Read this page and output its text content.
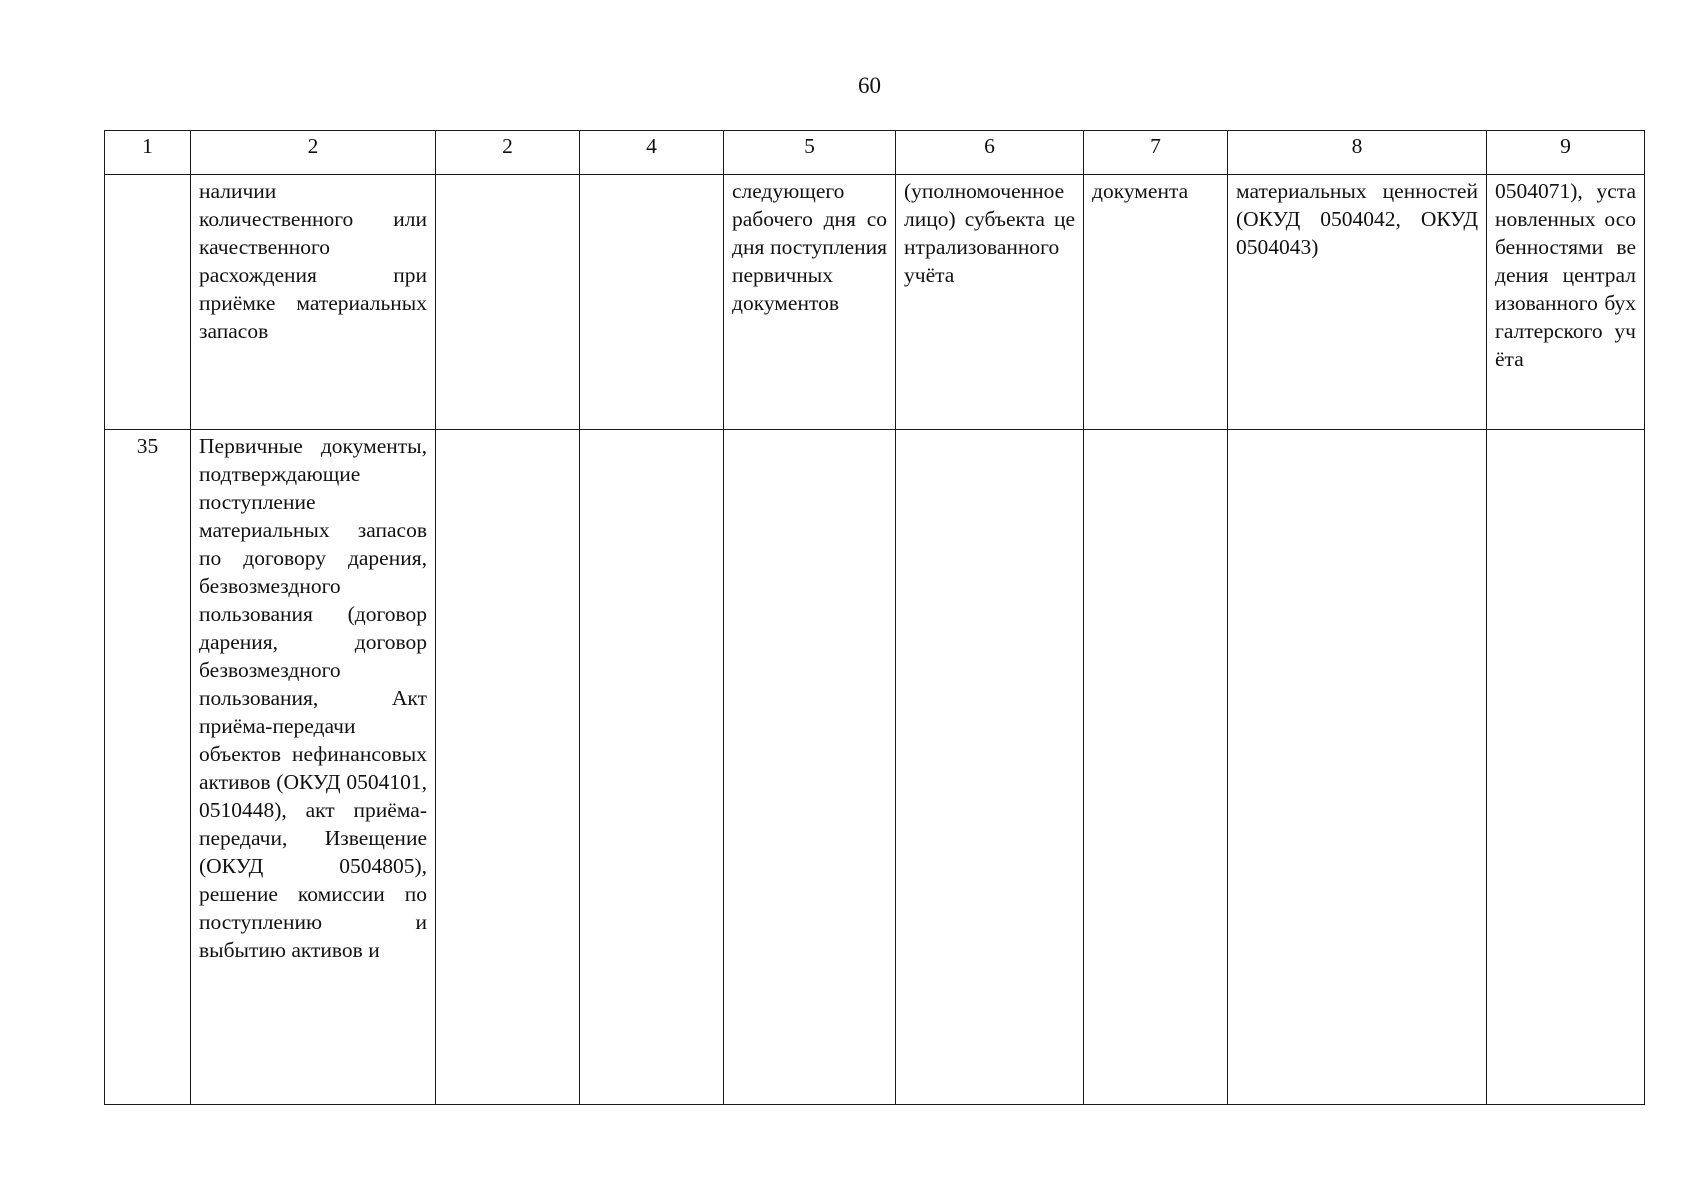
60
1	2	2	4	5	6	7	8	9
	наличии количественного или качественного расхождения при приёмке материальных запасов			следующего рабочего дня со дня поступления первичных документов	(уполномоченное лицо) субъекта централизованного учёта	документа	материальных ценностей (ОКУД 0504042, ОКУД 0504043)	0504071), установленных особенностями ведения централизованного бухгалтерского учёта
35	Первичные документы, подтверждающие поступление материальных запасов по договору дарения, безвозмездного пользования (договор дарения, договор безвозмездного пользования, Акт приёма-передачи объектов нефинансовых активов (ОКУД 0504101, 0510448), акт приёма-передачи, Извещение (ОКУД 0504805), решение комиссии по поступлению и выбытию активов и							
